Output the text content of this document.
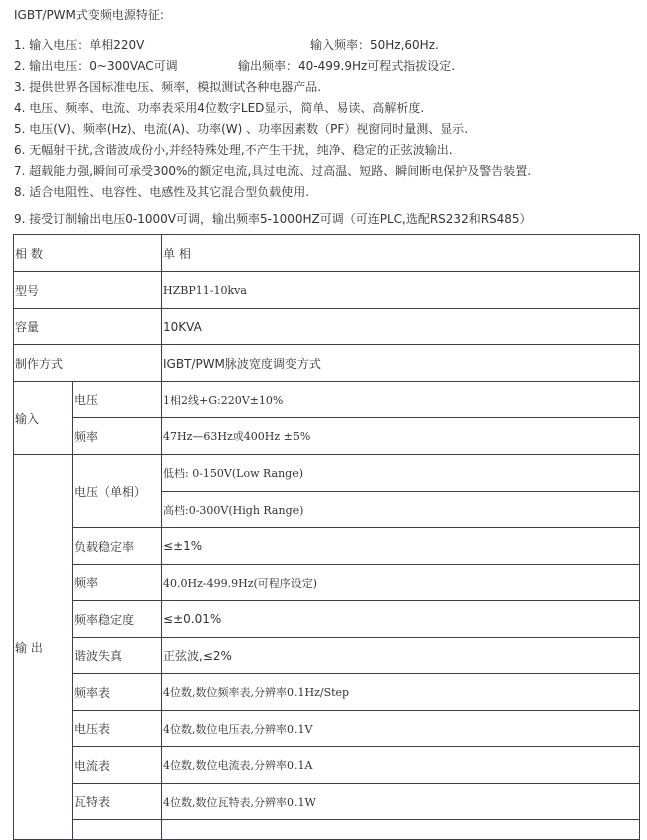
IGBT/PWM式变频电源特征:
1. 输入电压：单相220V	输入频率：50Hz,60Hz.
2. 输出电压：0~300VAC可调	输出频率：40-499.9Hz可程式指拔设定.
3. 提供世界各国标准电压、频率，模拟测试各种电器产品.
4. 电压、频率、电流、功率表采用4位数字LED显示，简单、易读、高解析度.
5. 电压(V)、频率(Hz)、电流(A)、功率(W) 、功率因素数（PF）视窗同时量测、显示.
6. 无幅射干扰,含谐波成份小,并经特殊处理,不产生干扰，纯净、稳定的正弦波输出.
7. 超载能力强,瞬间可承受300%的额定电流,具过电流、过高温、短路、瞬间断电保护及警告装置.
8. 适合电阻性、电容性、电感性及其它混合型负载使用.
9. 接受订制输出电压0-1000V可调，输出频率5-1000HZ可调（可连PLC,选配RS232和RS485）
相 数		单 相
型号		HZBP11-10kva
容量		10KVA
制作方式		IGBT/PWM脉波宽度调变方式
输入	电压	1相2线+G:220V±10%
	频率	47Hz—63Hz或400Hz ±5%
输 出	电压（单相）	低档: 0-150V(Low Range)
		高档:0-300V(High Range)
	负载稳定率	≤±1%
	频率	40.0Hz-499.9Hz(可程序设定)
	频率稳定度	≤±0.01%
	谐波失真	正弦波,≤2%
	频率表	4位数,数位频率表,分辨率0.1Hz/Step
	电压表	4位数,数位电压表,分辨率0.1V
	电流表	4位数,数位电流表,分辨率0.1A
	瓦特表	4位数,数位瓦特表,分辨率0.1W
